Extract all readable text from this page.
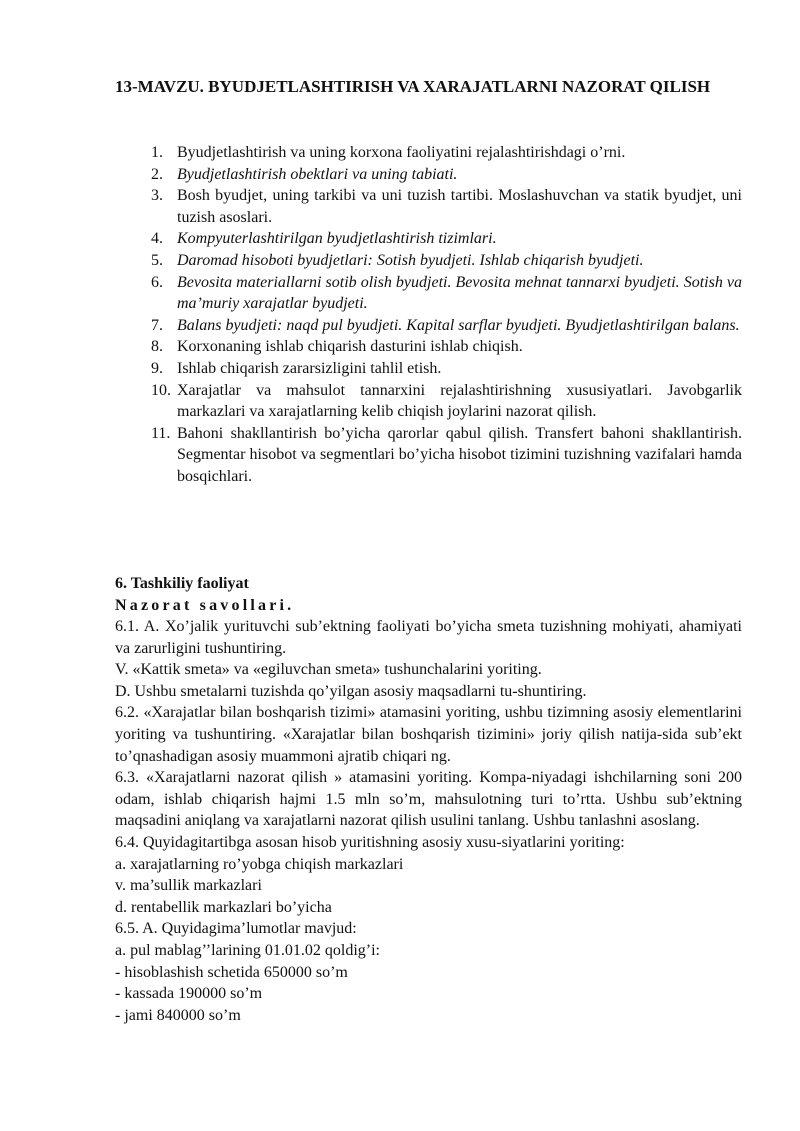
13-MAVZU. BYUDJETLASHTIRISH VA XARAJATLARNI NAZORAT QILISH
1. Byudjetlashtirish va uning korxona faoliyatini rejalashtirishdagi o’rni.
2. Byudjetlashtirish obektlari va uning tabiati.
3. Bosh byudjet, uning tarkibi va uni tuzish tartibi. Moslashuvchan va statik byudjet, uni tuzish asoslari.
4. Kompyuterlashtirilgan byudjetlashtirish tizimlari.
5. Daromad hisoboti byudjetlari: Sotish byudjeti. Ishlab chiqarish byudjeti.
6. Bevosita materiallarni sotib olish byudjeti. Bevosita mehnat tannarxi byudjeti. Sotish va ma’muriy xarajatlar byudjeti.
7. Balans byudjeti: naqd pul byudjeti. Kapital sarflar byudjeti. Byudjetlashtirilgan balans.
8. Korxonaning ishlab chiqarish dasturini ishlab chiqish.
9. Ishlab chiqarish zararsizligini tahlil etish.
10. Xarajatlar va mahsulot tannarxini rejalashtirishning xususiyatlari. Javobgarlik markazlari va xarajatlarning kelib chiqish joylarini nazorat qilish.
11. Bahoni shakllantirish bo’yicha qarorlar qabul qilish. Transfert bahoni shakllantirish. Segmentar hisobot va segmentlari bo’yicha hisobot tizimini tuzishning vazifalari hamda bosqichlari.
6. Tashkiliy faoliyat
Nazorat savollari.

6.1. A. Xo’jalik yurituvchi sub’ektning faoliyati bo’yicha smeta tuzishning mohiyati, ahamiyati va zarurligini tushuntiring.

V. «Kattik smeta» va «egiluvchan smeta» tushunchalarini yoriting.

D. Ushbu smetalarni tuzishda qo’yilgan asosiy maqsadlarni tu-shuntiring.

6.2. «Xarajatlar bilan boshqarish tizimi» atamasini yoriting, ushbu tizimning asosiy elementlarini yoriting va tushuntiring. «Xarajatlar bilan boshqarish tizimini» joriy qilish natija-sida sub’ekt to’qnashadigan asosiy muammoni ajratib chiqari ng.

6.3. «Xarajatlarni nazorat qilish » atamasini yoriting. Kompa-niyadagi ishchilarning soni 200 odam, ishlab chiqarish hajmi 1.5 mln so’m, mahsulotning turi to’rtta. Ushbu sub’ektning maqsadini aniqlang va xarajatlarni nazorat qilish usulini tanlang. Ushbu tanlashni asoslang.

6.4. Quyidagitartibga asosan hisob yuritishning asosiy xusu-siyatlarini yoriting:

a. xarajatlarning ro’yobga chiqish markazlari

v. ma’sullik markazlari

d. rentabellik markazlari bo’yicha

6.5. A. Quyidagima’lumotlar mavjud:

a. pul mablag’’larining 01.01.02 qoldig’i:

- hisoblashish schetida 650000 so’m

- kassada 190000 so’m

- jami 840000 so’m
